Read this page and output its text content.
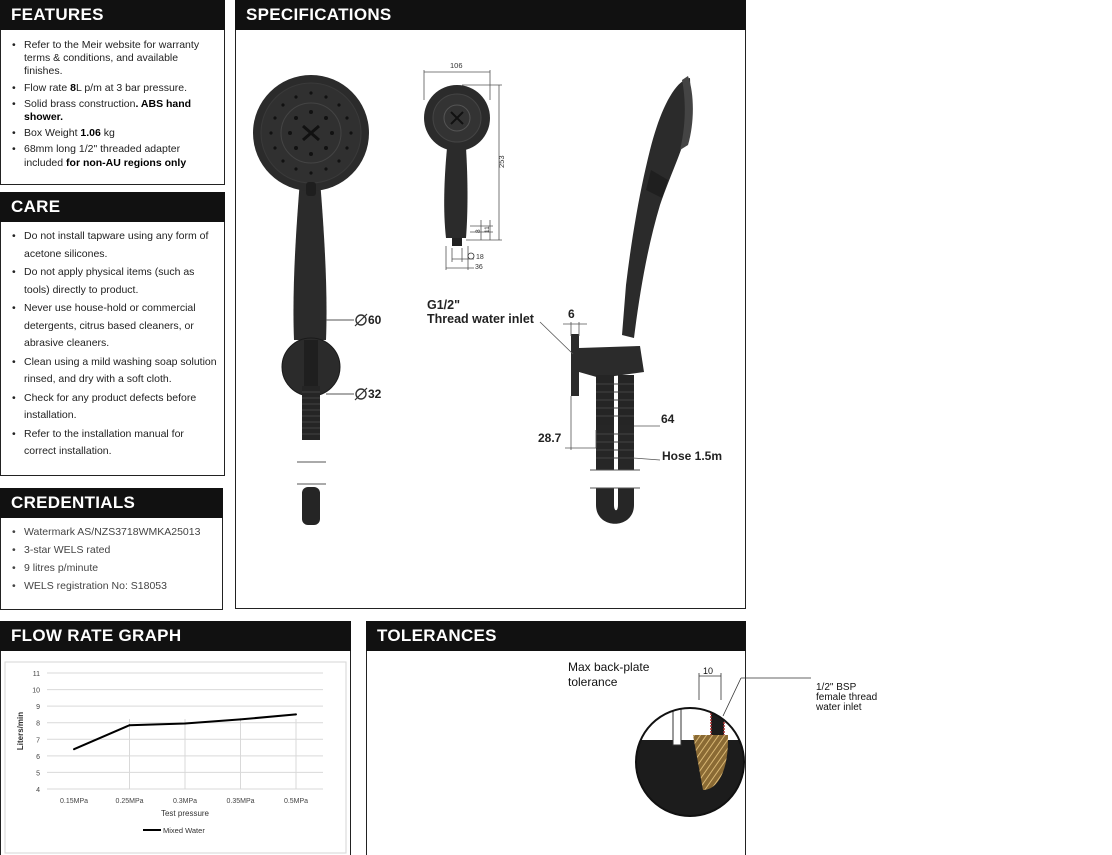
FEATURES
• Refer to the Meir website for warranty terms & conditions, and available finishes.
• Flow rate 8L p/m at 3 bar pressure.
• Solid brass construction. ABS hand shower.
• Box Weight 1.06 kg
• 68mm long 1/2" threaded adapter included for non-AU regions only
CARE
• Do not install tapware using any form of acetone silicones.
• Do not apply physical items (such as tools) directly to product.
• Never use house-hold or commercial detergents, citrus based cleaners, or abrasive cleaners.
• Clean using a mild washing soap solution rinsed, and dry with a soft cloth.
• Check for any product defects before installation.
• Refer to the installation manual for correct installation.
CREDENTIALS
• Watermark AS/NZS3718WMKA25013
• 3-star WELS rated
• 9 litres p/minute
• WELS registration No: S18053
SPECIFICATIONS
60
32
106
253
8 11
18
36
G1/2"
Thread water inlet	6
64
28.7
Hose 1.5m
FLOW RATE GRAPH
4
5
6
7
8
9
10
11
0.15MPa	0.25MPa	0.3MPa	0.35MPa	0.5MPa
Mixed Water
Test pressure
Liters/min
TOLERANCES
Max back-plate
tolerance
10
1/2" BSP
female thread
water inlet
